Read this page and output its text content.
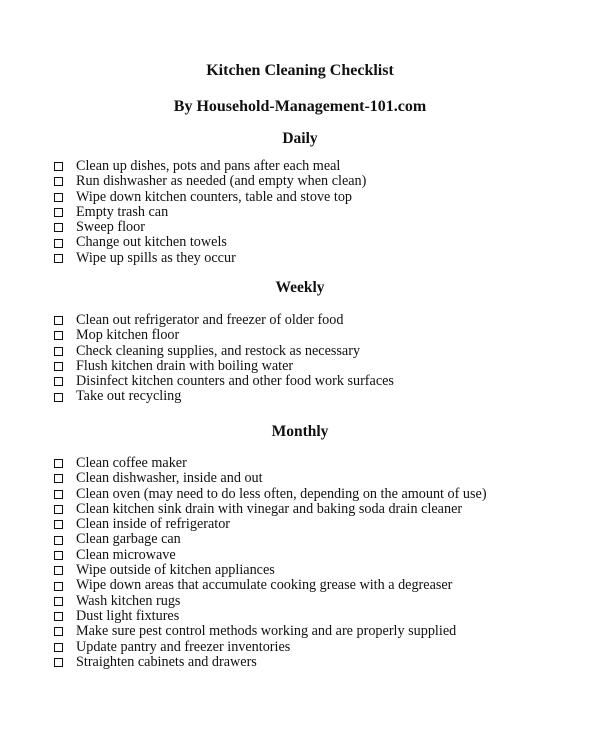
Kitchen Cleaning Checklist
By Household-Management-101.com
Daily
Clean up dishes, pots and pans after each meal
Run dishwasher as needed (and empty when clean)
Wipe down kitchen counters, table and stove top
Empty trash can
Sweep floor
Change out kitchen towels
Wipe up spills as they occur
Weekly
Clean out refrigerator and freezer of older food
Mop kitchen floor
Check cleaning supplies, and restock as necessary
Flush kitchen drain with boiling water
Disinfect kitchen counters and other food work surfaces
Take out recycling
Monthly
Clean coffee maker
Clean dishwasher, inside and out
Clean oven (may need to do less often, depending on the amount of use)
Clean kitchen sink drain with vinegar and baking soda drain cleaner
Clean inside of refrigerator
Clean garbage can
Clean microwave
Wipe outside of kitchen appliances
Wipe down areas that accumulate cooking grease with a degreaser
Wash kitchen rugs
Dust light fixtures
Make sure pest control methods working and are properly supplied
Update pantry and freezer inventories
Straighten cabinets and drawers
